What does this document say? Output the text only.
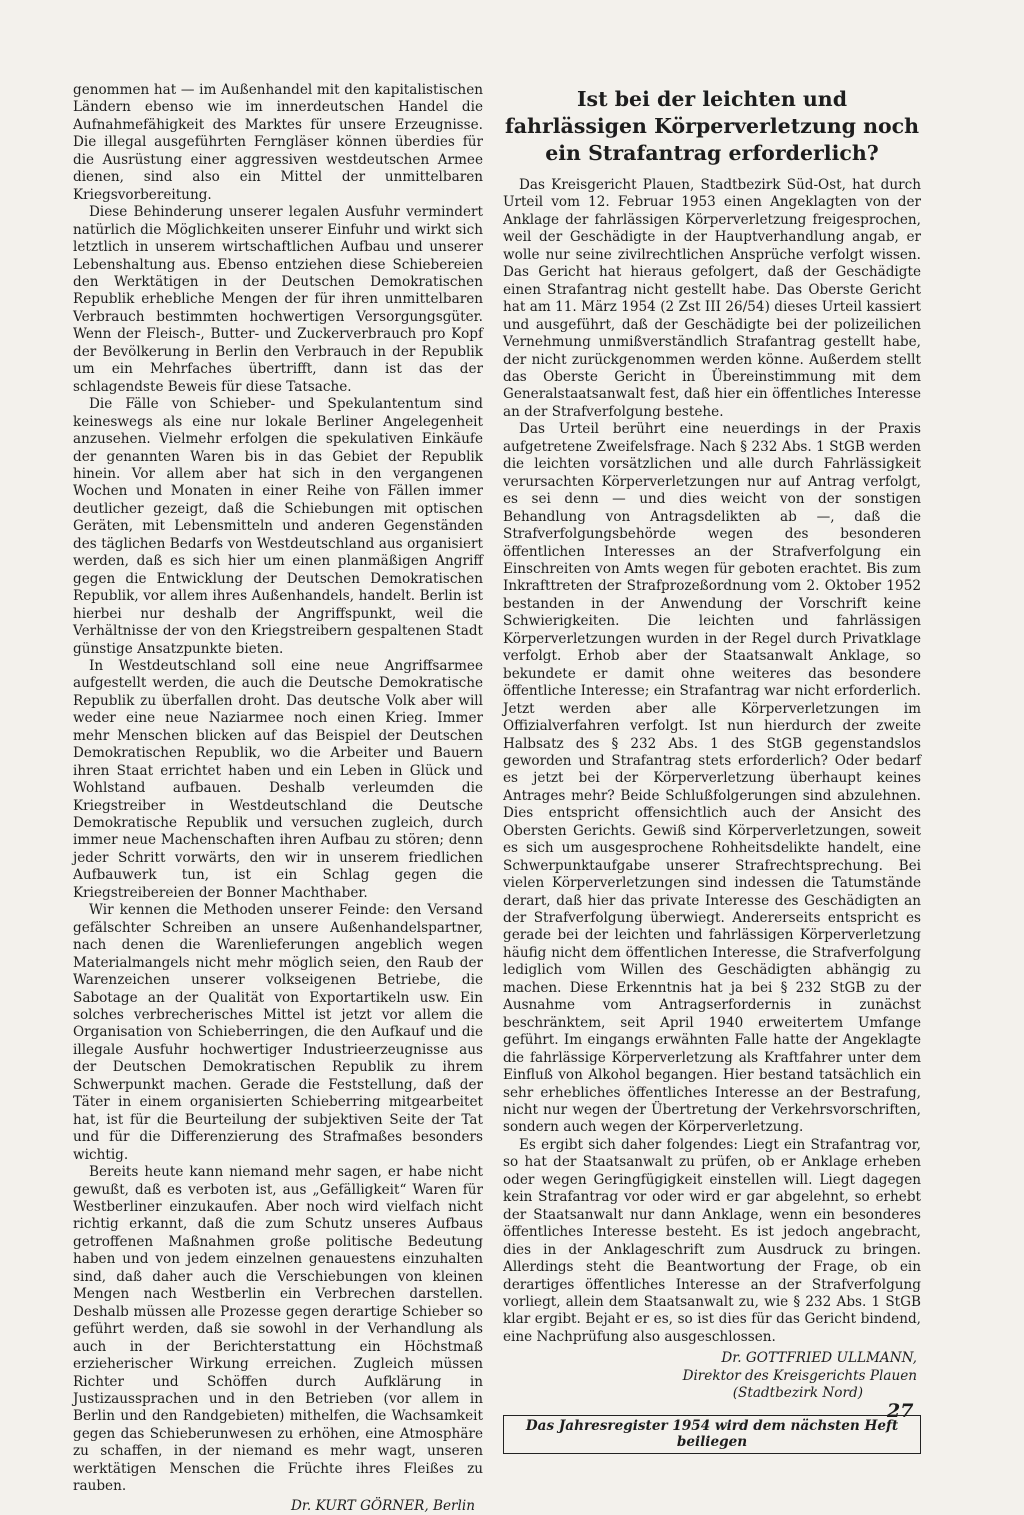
genommen hat — im Außenhandel mit den kapitalistischen Ländern ebenso wie im innerdeutschen Handel die Aufnahmefähigkeit des Marktes für unsere Erzeugnisse. Die illegal ausgeführten Ferngläser können überdies für die Ausrüstung einer aggressiven westdeutschen Armee dienen, sind also ein Mittel der unmittelbaren Kriegsvorbereitung.

Diese Behinderung unserer legalen Ausfuhr vermindert natürlich die Möglichkeiten unserer Einfuhr und wirkt sich letztlich in unserem wirtschaftlichen Aufbau und unserer Lebenshaltung aus. Ebenso entziehen diese Schiebereien den Werktätigen in der Deutschen Demokratischen Republik erhebliche Mengen der für ihren unmittelbaren Verbrauch bestimmten hochwertigen Versorgungsgüter. Wenn der Fleisch-, Butter- und Zuckerverbrauch pro Kopf der Bevölkerung in Berlin den Verbrauch in der Republik um ein Mehrfaches übertrifft, dann ist das der schlagendste Beweis für diese Tatsache.

Die Fälle von Schieber- und Spekulantentum sind keineswegs als eine nur lokale Berliner Angelegenheit anzusehen. Vielmehr erfolgen die spekulativen Einkäufe der genannten Waren bis in das Gebiet der Republik hinein. Vor allem aber hat sich in den vergangenen Wochen und Monaten in einer Reihe von Fällen immer deutlicher gezeigt, daß die Schiebungen mit optischen Geräten, mit Lebensmitteln und anderen Gegenständen des täglichen Bedarfs von Westdeutschland aus organisiert werden, daß es sich hier um einen planmäßigen Angriff gegen die Entwicklung der Deutschen Demokratischen Republik, vor allem ihres Außenhandels, handelt. Berlin ist hierbei nur deshalb der Angriffspunkt, weil die Verhältnisse der von den Kriegstreibern gespaltenen Stadt günstige Ansatzpunkte bieten.

In Westdeutschland soll eine neue Angriffsarmee aufgestellt werden, die auch die Deutsche Demokratische Republik zu überfallen droht. Das deutsche Volk aber will weder eine neue Naziarmee noch einen Krieg. Immer mehr Menschen blicken auf das Beispiel der Deutschen Demokratischen Republik, wo die Arbeiter und Bauern ihren Staat errichtet haben und ein Leben in Glück und Wohlstand aufbauen. Deshalb verleumden die Kriegstreiber in Westdeutschland die Deutsche Demokratische Republik und versuchen zugleich, durch immer neue Machenschaften ihren Aufbau zu stören; denn jeder Schritt vorwärts, den wir in unserem friedlichen Aufbauwerk tun, ist ein Schlag gegen die Kriegstreibereien der Bonner Machthaber.

Wir kennen die Methoden unserer Feinde: den Versand gefälschter Schreiben an unsere Außenhandelspartner, nach denen die Warenlieferungen angeblich wegen Materialmangels nicht mehr möglich seien, den Raub der Warenzeichen unserer volkseigenen Betriebe, die Sabotage an der Qualität von Exportartikeln usw. Ein solches verbrecherisches Mittel ist jetzt vor allem die Organisation von Schieberringen, die den Aufkauf und die illegale Ausfuhr hochwertiger Industrieerzeugnisse aus der Deutschen Demokratischen Republik zu ihrem Schwerpunkt machen. Gerade die Feststellung, daß der Täter in einem organisierten Schieberring mitgearbeitet hat, ist für die Beurteilung der subjektiven Seite der Tat und für die Differenzierung des Strafmaßes besonders wichtig.

Bereits heute kann niemand mehr sagen, er habe nicht gewußt, daß es verboten ist, aus „Gefälligkeit“ Waren für Westberliner einzukaufen. Aber noch wird vielfach nicht richtig erkannt, daß die zum Schutz unseres Aufbaus getroffenen Maßnahmen große politische Bedeutung haben und von jedem einzelnen genauestens einzuhalten sind, daß daher auch die Verschiebungen von kleinen Mengen nach Westberlin ein Verbrechen darstellen. Deshalb müssen alle Prozesse gegen derartige Schieber so geführt werden, daß sie sowohl in der Verhandlung als auch in der Berichterstattung ein Höchstmaß erzieherischer Wirkung erreichen. Zugleich müssen Richter und Schöffen durch Aufklärung in Justizaussprachen und in den Betrieben (vor allem in Berlin und den Randgebieten) mithelfen, die Wachsamkeit gegen das Schieberunwesen zu erhöhen, eine Atmosphäre zu schaffen, in der niemand es mehr wagt, unseren werktätigen Menschen die Früchte ihres Fleißes zu rauben.

Dr. KURT GÖRNER, Berlin
Ist bei der leichten und fahrlässigen Körperverletzung noch ein Strafantrag erforderlich?

Das Kreisgericht Plauen, Stadtbezirk Süd-Ost, hat durch Urteil vom 12. Februar 1953 einen Angeklagten von der Anklage der fahrlässigen Körperverletzung freigesprochen, weil der Geschädigte in der Hauptverhandlung angab, er wolle nur seine zivilrechtlichen Ansprüche verfolgt wissen. Das Gericht hat hieraus gefolgert, daß der Geschädigte einen Strafantrag nicht gestellt habe. Das Oberste Gericht hat am 11. März 1954 (2 Zst III 26/54) dieses Urteil kassiert und ausgeführt, daß der Geschädigte bei der polizeilichen Vernehmung unmißverständlich Strafantrag gestellt habe, der nicht zurückgenommen werden könne. Außerdem stellt das Oberste Gericht in Übereinstimmung mit dem Generalstaatsanwalt fest, daß hier ein öffentliches Interesse an der Strafverfolgung bestehe.

Das Urteil berührt eine neuerdings in der Praxis aufgetretene Zweifelsfrage. Nach § 232 Abs. 1 StGB werden die leichten vorsätzlichen und alle durch Fahrlässigkeit verursachten Körperverletzungen nur auf Antrag verfolgt, es sei denn — und dies weicht von der sonstigen Behandlung von Antragsdelikten ab —, daß die Strafverfolgungsbehörde wegen des besonderen öffentlichen Interesses an der Strafverfolgung ein Einschreiten von Amts wegen für geboten erachtet. Bis zum Inkrafttreten der Strafprozeßordnung vom 2. Oktober 1952 bestanden in der Anwendung der Vorschrift keine Schwierigkeiten. Die leichten und fahrlässigen Körperverletzungen wurden in der Regel durch Privatklage verfolgt. Erhob aber der Staatsanwalt Anklage, so bekundete er damit ohne weiteres das besondere öffentliche Interesse; ein Strafantrag war nicht erforderlich. Jetzt werden aber alle Körperverletzungen im Offizialverfahren verfolgt. Ist nun hierdurch der zweite Halbsatz des § 232 Abs. 1 des StGB gegenstandslos geworden und Strafantrag stets erforderlich? Oder bedarf es jetzt bei der Körperverletzung überhaupt keines Antrages mehr? Beide Schlußfolgerungen sind abzulehnen. Dies entspricht offensichtlich auch der Ansicht des Obersten Gerichts. Gewiß sind Körperverletzungen, soweit es sich um ausgesprochene Rohheitsdelikte handelt, eine Schwerpunktaufgabe unserer Strafrechtsprechung. Bei vielen Körperverletzungen sind indessen die Tatumstände derart, daß hier das private Interesse des Geschädigten an der Strafverfolgung überwiegt. Andererseits entspricht es gerade bei der leichten und fahrlässigen Körperverletzung häufig nicht dem öffentlichen Interesse, die Strafverfolgung lediglich vom Willen des Geschädigten abhängig zu machen. Diese Erkenntnis hat ja bei § 232 StGB zu der Ausnahme vom Antragserfordernis in zunächst beschränktem, seit April 1940 erweitertem Umfange geführt. Im eingangs erwähnten Falle hatte der Angeklagte die fahrlässige Körperverletzung als Kraftfahrer unter dem Einfluß von Alkohol begangen. Hier bestand tatsächlich ein sehr erhebliches öffentliches Interesse an der Bestrafung, nicht nur wegen der Übertretung der Verkehrsvorschriften, sondern auch wegen der Körperverletzung.

Es ergibt sich daher folgendes: Liegt ein Strafantrag vor, so hat der Staatsanwalt zu prüfen, ob er Anklage erheben oder wegen Geringfügigkeit einstellen will. Liegt dagegen kein Strafantrag vor oder wird er gar abgelehnt, so erhebt der Staatsanwalt nur dann Anklage, wenn ein besonderes öffentliches Interesse besteht. Es ist jedoch angebracht, dies in der Anklageschrift zum Ausdruck zu bringen. Allerdings steht die Beantwortung der Frage, ob ein derartiges öffentliches Interesse an der Strafverfolgung vorliegt, allein dem Staatsanwalt zu, wie § 232 Abs. 1 StGB klar ergibt. Bejaht er es, so ist dies für das Gericht bindend, eine Nachprüfung also ausgeschlossen.

Dr. GOTTFRIED ULLMANN,
Direktor des Kreisgerichts Plauen
(Stadtbezirk Nord)
Das Jahresregister 1954 wird dem nächsten Heft beiliegen
27
